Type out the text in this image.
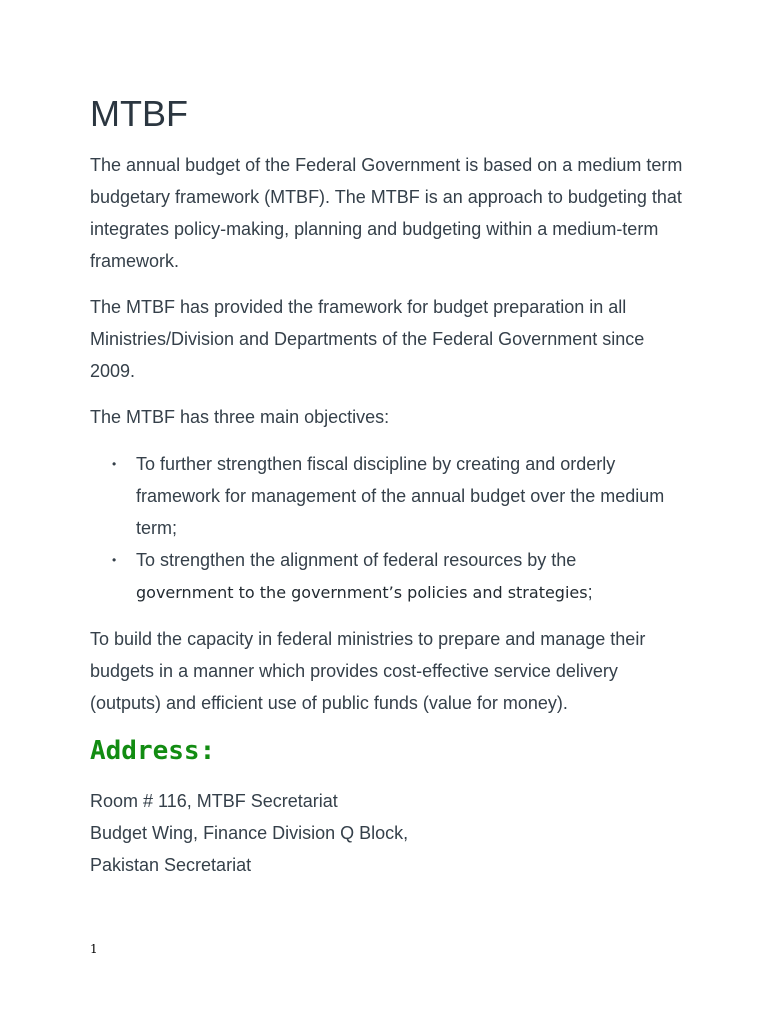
MTBF

The annual budget of the Federal Government is based on a medium term budgetary framework (MTBF). The MTBF is an approach to budgeting that integrates policy-making, planning and budgeting within a medium-term framework.

The MTBF has provided the framework for budget preparation in all Ministries/Division and Departments of the Federal Government since 2009.

The MTBF has three main objectives:

• To further strengthen fiscal discipline by creating and orderly framework for management of the annual budget over the medium term;
• To strengthen the alignment of federal resources by the
government to the government’s policies and strategies;

To build the capacity in federal ministries to prepare and manage their budgets in a manner which provides cost-effective service delivery (outputs) and efficient use of public funds (value for money).

Address:
Room # 116, MTBF Secretariat
Budget Wing, Finance Division Q Block,
Pakistan Secretariat
1
